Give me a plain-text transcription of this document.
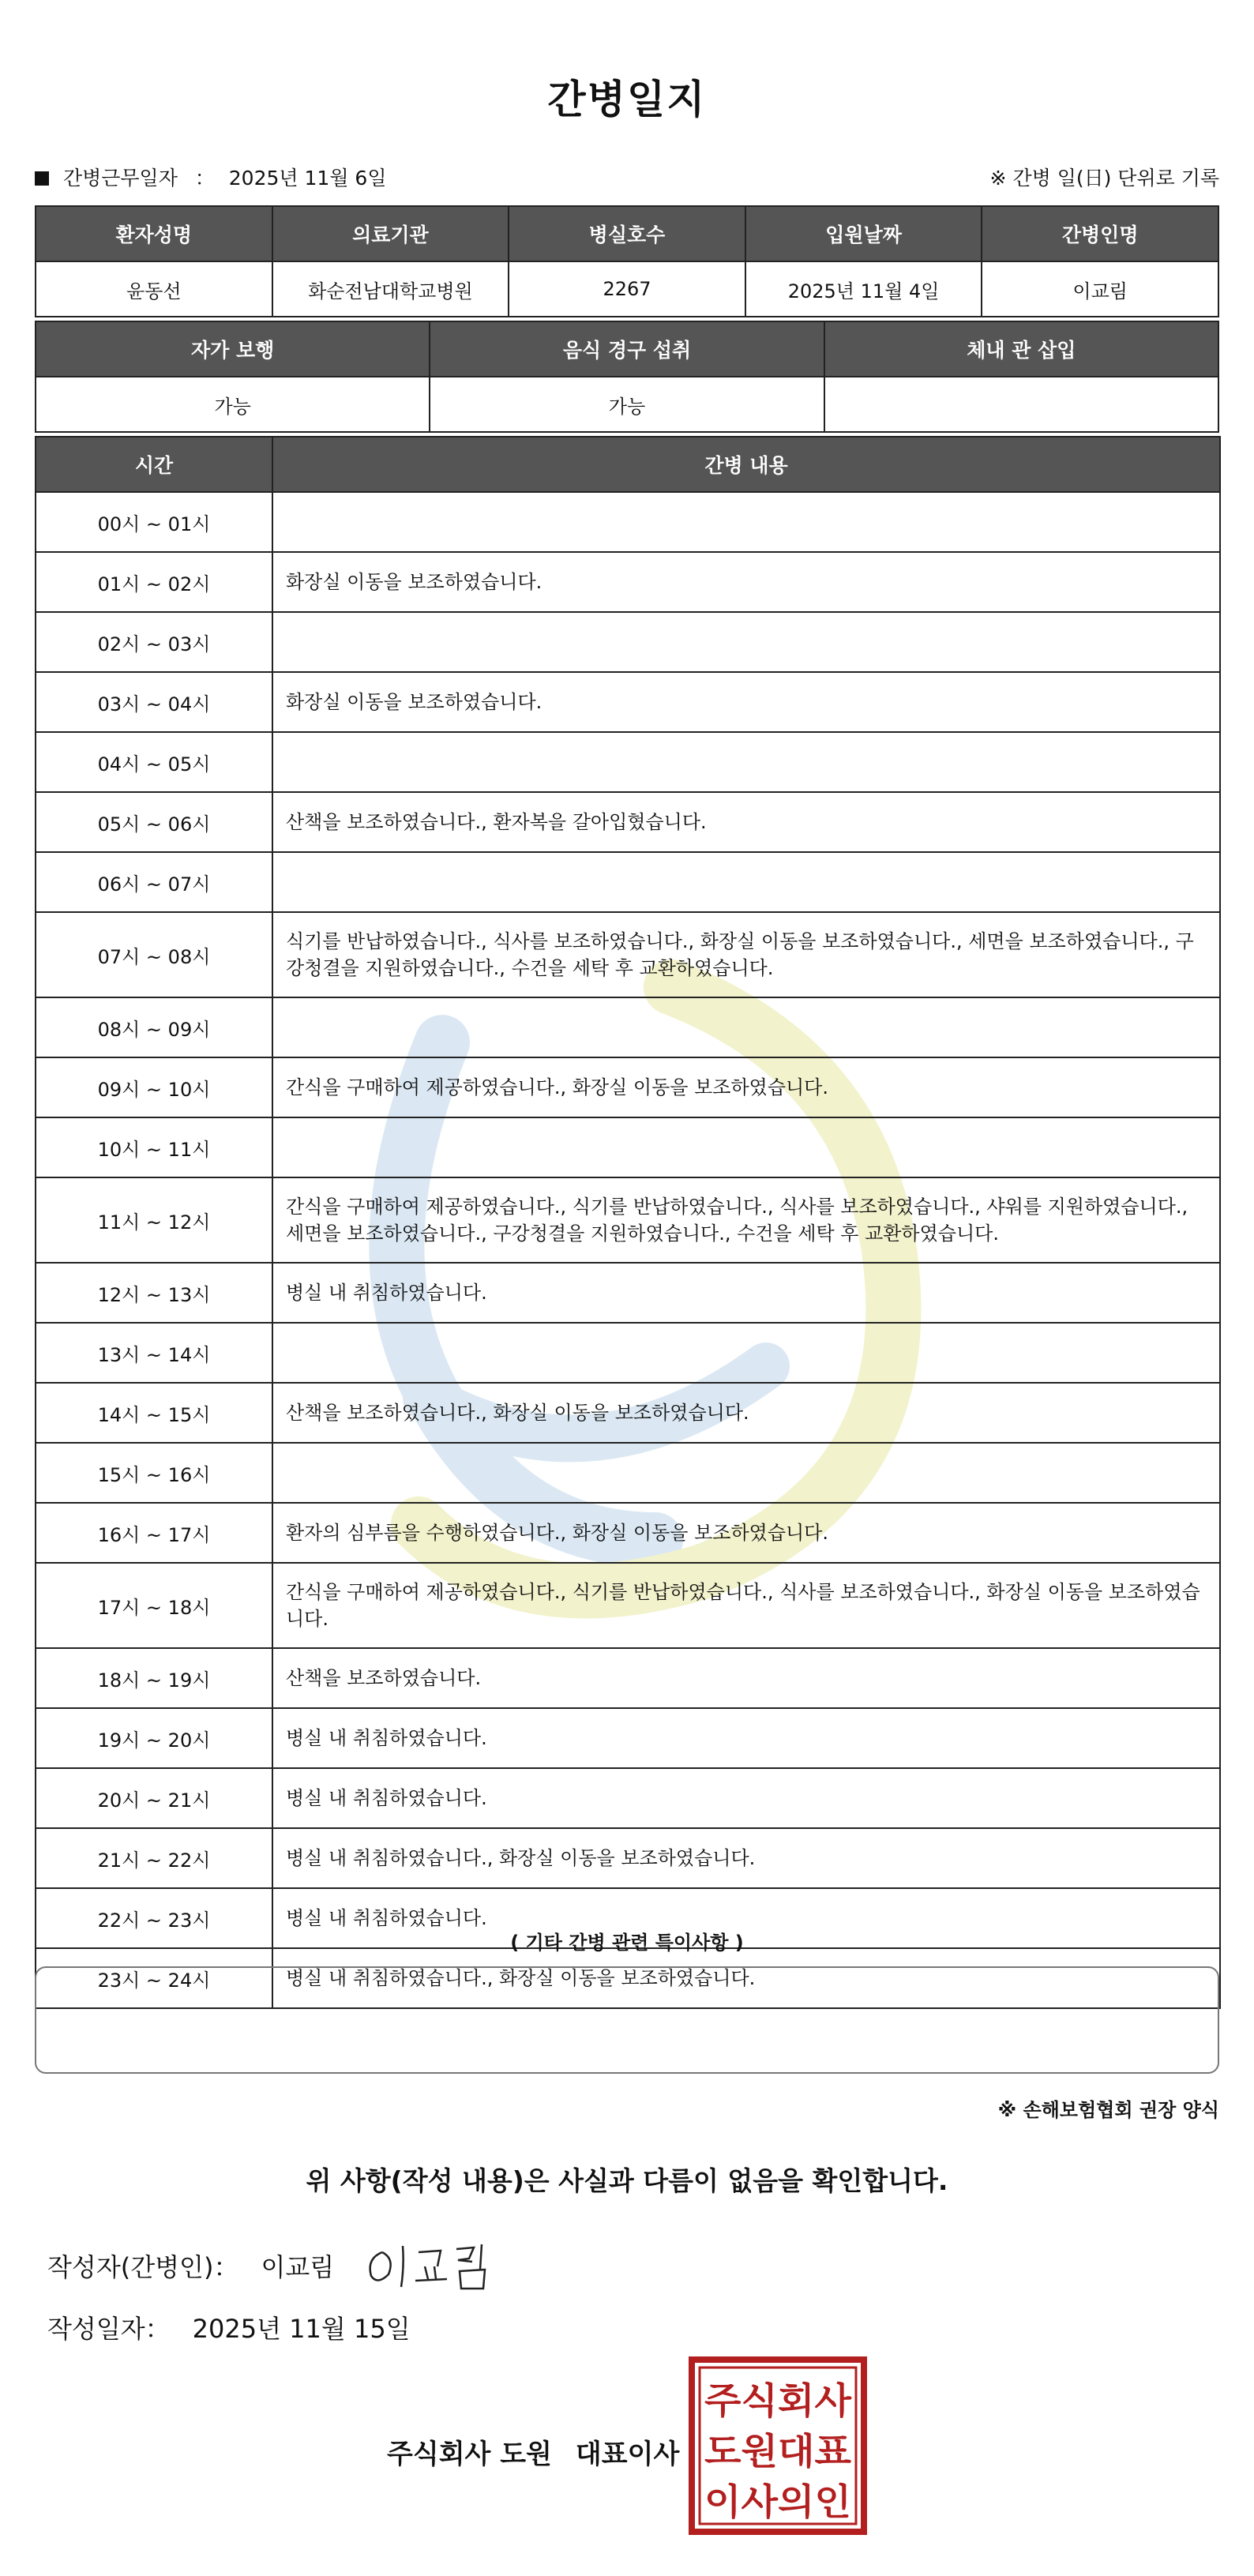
간병일지
간병근무일자 ： 2025년 11월 6일	※ 간병 일(日) 단위로 기록
환자성명	의료기관	병실호수	입원날짜	간병인명
윤동선	화순전남대학교병원	2267	2025년 11월 4일	이교림
자가 보행	음식 경구 섭취	체내 관 삽입
가능	가능	
시간	간병 내용
00시 ~ 01시	
01시 ~ 02시	화장실 이동을 보조하였습니다.
02시 ~ 03시	
03시 ~ 04시	화장실 이동을 보조하였습니다.
04시 ~ 05시	
05시 ~ 06시	산책을 보조하였습니다., 환자복을 갈아입혔습니다.
06시 ~ 07시	
07시 ~ 08시	식기를 반납하였습니다., 식사를 보조하였습니다., 화장실 이동을 보조하였습니다., 세면을 보조하였습니다., 구강청결을 지원하였습니다., 수건을 세탁 후 교환하였습니다.
08시 ~ 09시	
09시 ~ 10시	간식을 구매하여 제공하였습니다., 화장실 이동을 보조하였습니다.
10시 ~ 11시	
11시 ~ 12시	간식을 구매하여 제공하였습니다., 식기를 반납하였습니다., 식사를 보조하였습니다., 샤워를 지원하였습니다., 세면을 보조하였습니다., 구강청결을 지원하였습니다., 수건을 세탁 후 교환하였습니다.
12시 ~ 13시	병실 내 취침하였습니다.
13시 ~ 14시	
14시 ~ 15시	산책을 보조하였습니다., 화장실 이동을 보조하였습니다.
15시 ~ 16시	
16시 ~ 17시	환자의 심부름을 수행하였습니다., 화장실 이동을 보조하였습니다.
17시 ~ 18시	간식을 구매하여 제공하였습니다., 식기를 반납하였습니다., 식사를 보조하였습니다., 화장실 이동을 보조하였습니다.
18시 ~ 19시	산책을 보조하였습니다.
19시 ~ 20시	병실 내 취침하였습니다.
20시 ~ 21시	병실 내 취침하였습니다.
21시 ~ 22시	병실 내 취침하였습니다., 화장실 이동을 보조하였습니다.
22시 ~ 23시	병실 내 취침하였습니다.
23시 ~ 24시	병실 내 취침하였습니다., 화장실 이동을 보조하였습니다.
( 기타 간병 관련 특이사항 )
※ 손해보험협회 권장 양식
위 사항(작성 내용)은 사실과 다름이 없음을 확인합니다.
작성자(간병인)： 이교림
작성일자： 2025년 11월 15일
주식회사 도원 대표이사
주식회사
도원대표
이사의인
